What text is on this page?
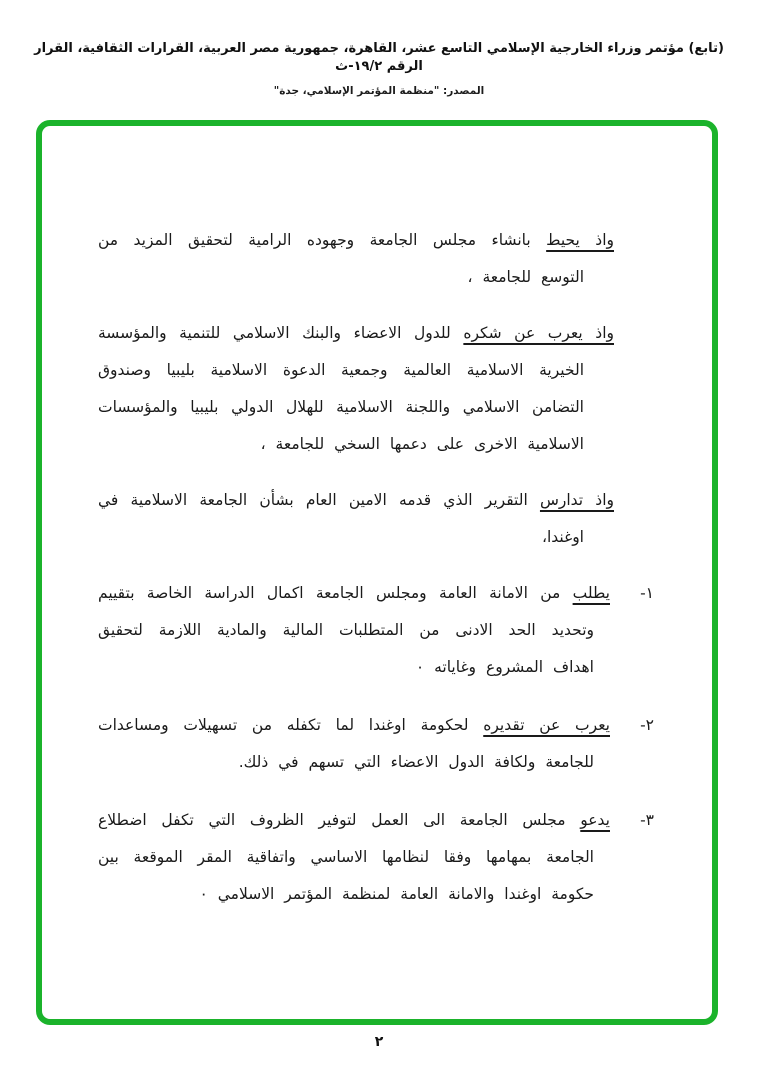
(تابع) مؤتمر وزراء الخارجية الإسلامي التاسع عشر، القاهرة، جمهورية مصر العربية، القرارات الثقافية، القرار الرقم ١٩/٢-ث
المصدر: "منظمة المؤتمر الإسلامي، جدة"

واذ يحيط بانشاء مجلس الجامعة وجهوده الرامية لتحقيق المزيد من التوسع للجامعة ،

واذ يعرب عن شكره للدول الاعضاء والبنك الاسلامي للتنمية والمؤسسة الخيرية الاسلامية العالمية وجمعية الدعوة الاسلامية بليبيا وصندوق التضامن الاسلامي واللجنة الاسلامية للهلال الدولي بليبيا والمؤسسات الاسلامية الاخرى على دعمها السخي للجامعة ،

واذ تدارس التقرير الذي قدمه الامين العام بشأن الجامعة الاسلامية في اوغندا،

١-

يطلب من الامانة العامة ومجلس الجامعة اكمال الدراسة الخاصة بتقييم وتحديد الحد الادنى من المتطلبات المالية والمادية اللازمة لتحقيق اهداف المشروع وغاياته ٠

٢-

يعرب عن تقديره لحكومة اوغندا لما تكفله من تسهيلات ومساعدات للجامعة ولكافة الدول الاعضاء التي تسهم في ذلك.

٣-

يدعو مجلس الجامعة الى العمل لتوفير الظروف التي تكفل اضطلاع الجامعة بمهامها وفقا لنظامها الاساسي واتفاقية المقر الموقعة بين حكومة اوغندا والامانة العامة لمنظمة المؤتمر الاسلامي ٠

٢
